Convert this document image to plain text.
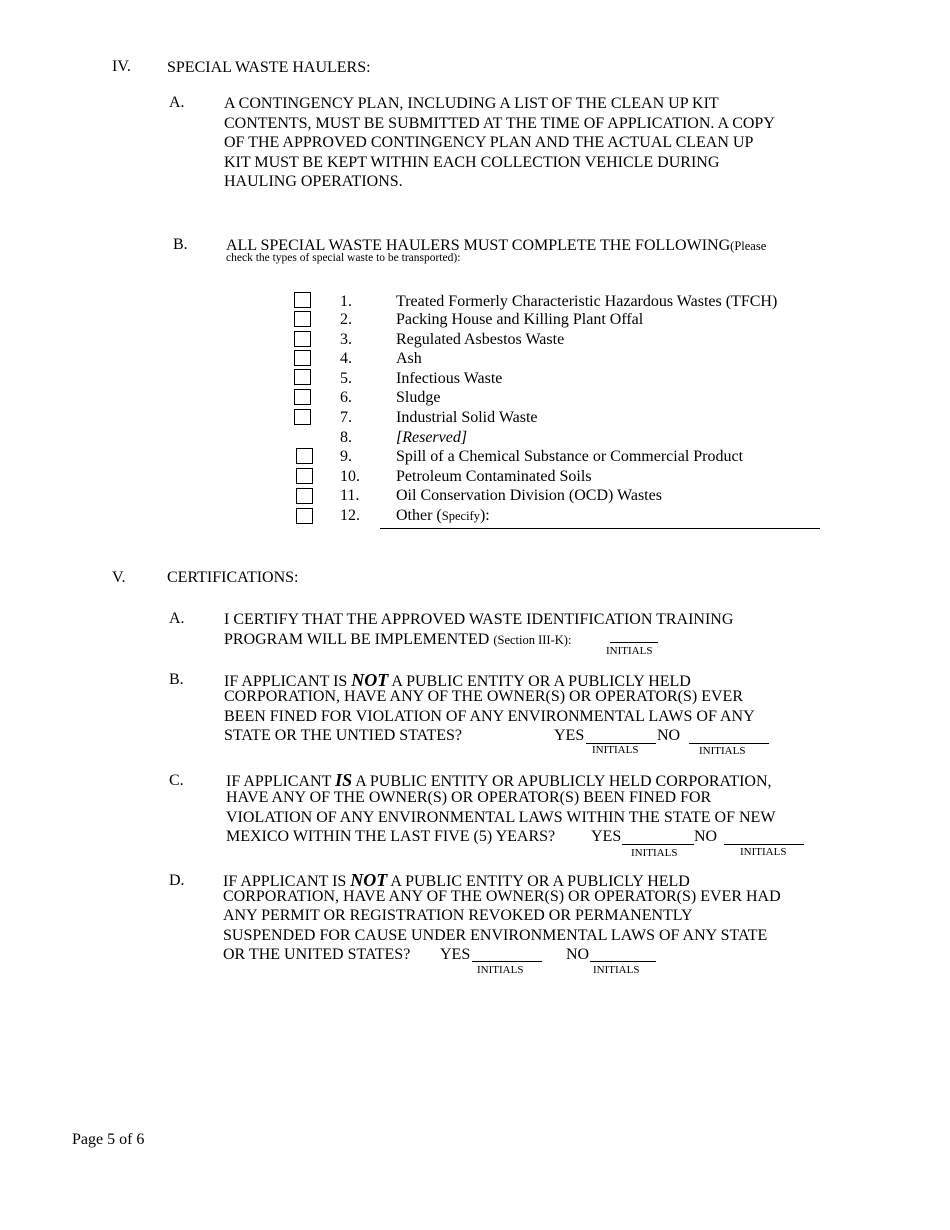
IV. SPECIAL WASTE HAULERS:
A. A CONTINGENCY PLAN, INCLUDING A LIST OF THE CLEAN UP KIT
CONTENTS, MUST BE SUBMITTED AT THE TIME OF APPLICATION. A COPY
OF THE APPROVED CONTINGENCY PLAN AND THE ACTUAL CLEAN UP
KIT MUST BE KEPT WITHIN EACH COLLECTION VEHICLE DURING
HAULING OPERATIONS.
B. ALL SPECIAL WASTE HAULERS MUST COMPLETE THE FOLLOWING(Please
check the types of special waste to be transported):
1.	Treated Formerly Characteristic Hazardous Wastes (TFCH)
2.	Packing House and Killing Plant Offal
3.	Regulated Asbestos Waste
4.	Ash
5.	Infectious Waste
6.	Sludge
7.	Industrial Solid Waste
8.	[Reserved]
9.	Spill of a Chemical Substance or Commercial Product
10. Petroleum Contaminated Soils
11. Oil Conservation Division (OCD) Wastes
12. Other (Specify):
V.	CERTIFICATIONS:
A. I CERTIFY THAT THE APPROVED WASTE IDENTIFICATION TRAINING
PROGRAM WILL BE IMPLEMENTED (Section III-K):
INITIALS
B.	IF APPLICANT IS NOT A PUBLIC ENTITY OR A PUBLICLY HELD
CORPORATION, HAVE ANY OF THE OWNER(S) OR OPERATOR(S) EVER
BEEN FINED FOR VIOLATION OF ANY ENVIRONMENTAL LAWS OF ANY
STATE OR THE UNTIED STATES?	YES	NO
INITIALS	INITIALS
C.	IF APPLICANT IS A PUBLIC ENTITY OR APUBLICLY HELD CORPORATION,
HAVE ANY OF THE OWNER(S) OR OPERATOR(S) BEEN FINED FOR
VIOLATION OF ANY ENVIRONMENTAL LAWS WITHIN THE STATE OF NEW
MEXICO WITHIN THE LAST FIVE (5) YEARS? YES	NO
INITIALS	INITIALS
D. IF APPLICANT IS NOT A PUBLIC ENTITY OR A PUBLICLY HELD
CORPORATION, HAVE ANY OF THE OWNER(S) OR OPERATOR(S) EVER HAD
ANY PERMIT OR REGISTRATION REVOKED OR PERMANENTLY
SUSPENDED FOR CAUSE UNDER ENVIRONMENTAL LAWS OF ANY STATE
OR THE UNITED STATES? YES	NO
INITIALS	INITIALS
Page 5 of 6
